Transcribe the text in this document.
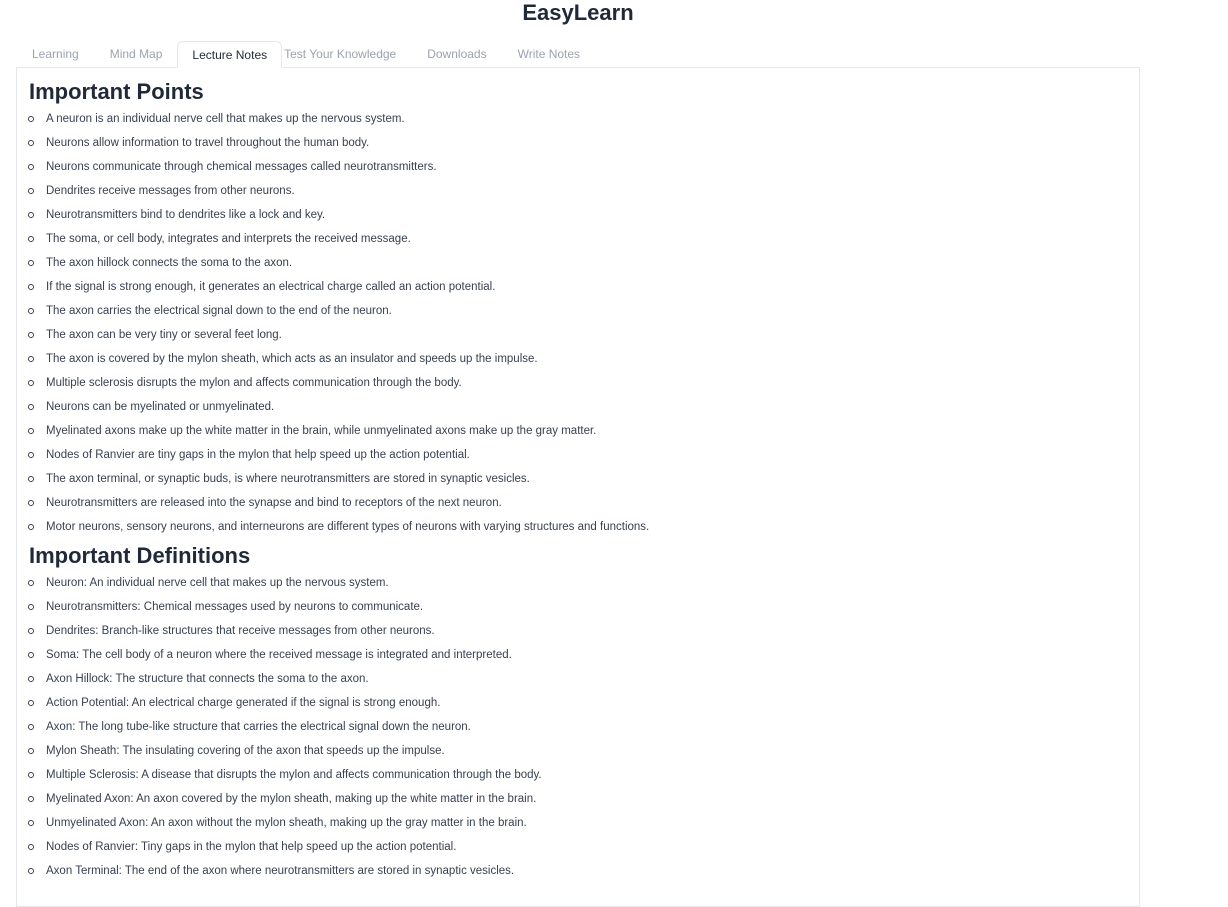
EasyLearn
Learning	Mind Map	Lecture Notes	Test Your Knowledge	Downloads	Write Notes
Important Points
A neuron is an individual nerve cell that makes up the nervous system.
Neurons allow information to travel throughout the human body.
Neurons communicate through chemical messages called neurotransmitters.
Dendrites receive messages from other neurons.
Neurotransmitters bind to dendrites like a lock and key.
The soma, or cell body, integrates and interprets the received message.
The axon hillock connects the soma to the axon.
If the signal is strong enough, it generates an electrical charge called an action potential.
The axon carries the electrical signal down to the end of the neuron.
The axon can be very tiny or several feet long.
The axon is covered by the mylon sheath, which acts as an insulator and speeds up the impulse.
Multiple sclerosis disrupts the mylon and affects communication through the body.
Neurons can be myelinated or unmyelinated.
Myelinated axons make up the white matter in the brain, while unmyelinated axons make up the gray matter.
Nodes of Ranvier are tiny gaps in the mylon that help speed up the action potential.
The axon terminal, or synaptic buds, is where neurotransmitters are stored in synaptic vesicles.
Neurotransmitters are released into the synapse and bind to receptors of the next neuron.
Motor neurons, sensory neurons, and interneurons are different types of neurons with varying structures and functions.
Important Definitions
Neuron: An individual nerve cell that makes up the nervous system.
Neurotransmitters: Chemical messages used by neurons to communicate.
Dendrites: Branch-like structures that receive messages from other neurons.
Soma: The cell body of a neuron where the received message is integrated and interpreted.
Axon Hillock: The structure that connects the soma to the axon.
Action Potential: An electrical charge generated if the signal is strong enough.
Axon: The long tube-like structure that carries the electrical signal down the neuron.
Mylon Sheath: The insulating covering of the axon that speeds up the impulse.
Multiple Sclerosis: A disease that disrupts the mylon and affects communication through the body.
Myelinated Axon: An axon covered by the mylon sheath, making up the white matter in the brain.
Unmyelinated Axon: An axon without the mylon sheath, making up the gray matter in the brain.
Nodes of Ranvier: Tiny gaps in the mylon that help speed up the action potential.
Axon Terminal: The end of the axon where neurotransmitters are stored in synaptic vesicles.
